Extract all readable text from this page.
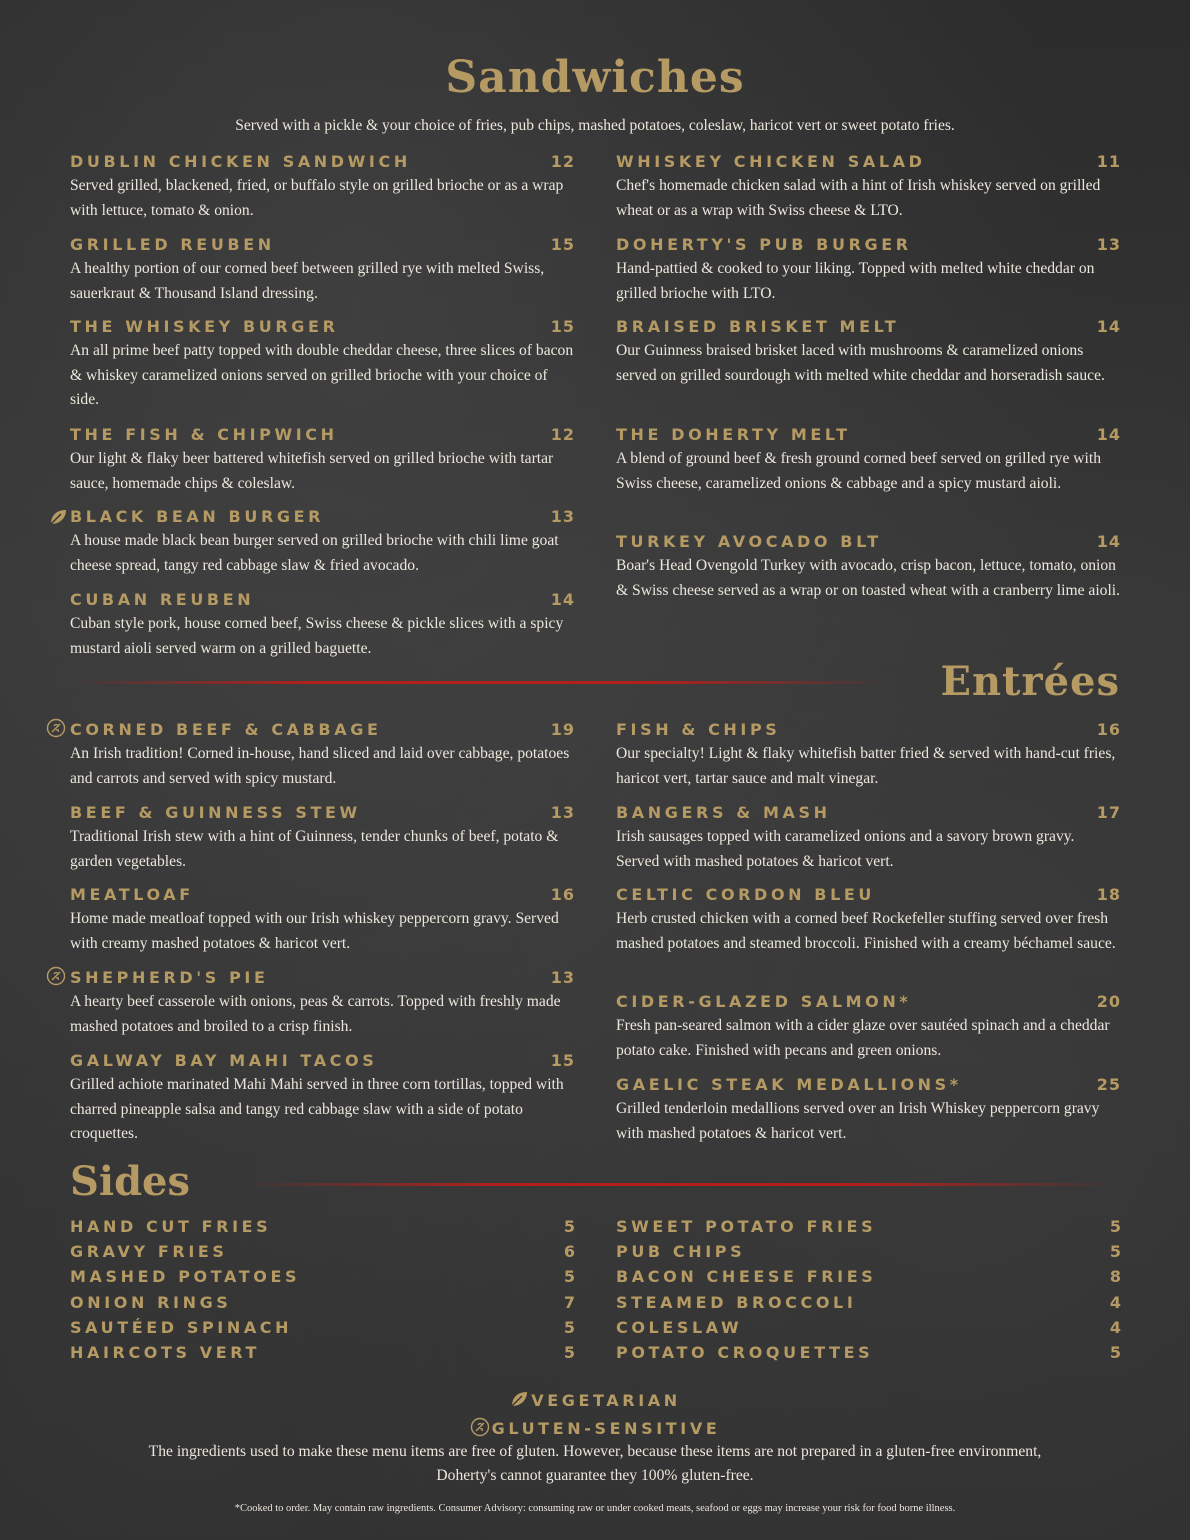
Sandwiches
Served with a pickle & your choice of fries, pub chips, mashed potatoes, coleslaw, haricot vert or sweet potato fries.
DUBLIN CHICKEN SANDWICH	12
Served grilled, blackened, fried, or buffalo style on grilled brioche or as a wrap with lettuce, tomato & onion.
GRILLED REUBEN	15
A healthy portion of our corned beef between grilled rye with melted Swiss, sauerkraut & Thousand Island dressing.
THE WHISKEY BURGER	15
An all prime beef patty topped with double cheddar cheese, three slices of bacon & whiskey caramelized onions served on grilled brioche with your choice of side.
THE FISH & CHIPWICH	12
Our light & flaky beer battered whitefish served on grilled brioche with tartar sauce, homemade chips & coleslaw.
BLACK BEAN BURGER	13
A house made black bean burger served on grilled brioche with chili lime goat cheese spread, tangy red cabbage slaw & fried avocado.
CUBAN REUBEN	14
Cuban style pork, house corned beef, Swiss cheese & pickle slices with a spicy mustard aioli served warm on a grilled baguette.
WHISKEY CHICKEN SALAD	11
Chef's homemade chicken salad with a hint of Irish whiskey served on grilled wheat or as a wrap with Swiss cheese & LTO.
DOHERTY'S PUB BURGER	13
Hand-pattied & cooked to your liking. Topped with melted white cheddar on grilled brioche with LTO.
BRAISED BRISKET MELT	14
Our Guinness braised brisket laced with mushrooms & caramelized onions served on grilled sourdough with melted white cheddar and horseradish sauce.
THE DOHERTY MELT	14
A blend of ground beef & fresh ground corned beef served on grilled rye with Swiss cheese, caramelized onions & cabbage and a spicy mustard aioli.
TURKEY AVOCADO BLT	14
Boar's Head Ovengold Turkey with avocado, crisp bacon, lettuce, tomato, onion & Swiss cheese served as a wrap or on toasted wheat with a cranberry lime aioli.
Entrées
CORNED BEEF & CABBAGE	19
An Irish tradition! Corned in-house, hand sliced and laid over cabbage, potatoes and carrots and served with spicy mustard.
BEEF & GUINNESS STEW	13
Traditional Irish stew with a hint of Guinness, tender chunks of beef, potato & garden vegetables.
MEATLOAF	16
Home made meatloaf topped with our Irish whiskey peppercorn gravy. Served with creamy mashed potatoes & haricot vert.
SHEPHERD'S PIE	13
A hearty beef casserole with onions, peas & carrots. Topped with freshly made mashed potatoes and broiled to a crisp finish.
GALWAY BAY MAHI TACOS	15
Grilled achiote marinated Mahi Mahi served in three corn tortillas, topped with charred pineapple salsa and tangy red cabbage slaw with a side of potato croquettes.
FISH & CHIPS	16
Our specialty! Light & flaky whitefish batter fried & served with hand-cut fries, haricot vert, tartar sauce and malt vinegar.
BANGERS & MASH	17
Irish sausages topped with caramelized onions and a savory brown gravy. Served with mashed potatoes & haricot vert.
CELTIC CORDON BLEU	18
Herb crusted chicken with a corned beef Rockefeller stuffing served over fresh mashed potatoes and steamed broccoli. Finished with a creamy béchamel sauce.
CIDER-GLAZED SALMON*	20
Fresh pan-seared salmon with a cider glaze over sautéed spinach and a cheddar potato cake. Finished with pecans and green onions.
GAELIC STEAK MEDALLIONS*	25
Grilled tenderloin medallions served over an Irish Whiskey peppercorn gravy with mashed potatoes & haricot vert.
Sides
HAND CUT FRIES	5
GRAVY FRIES	6
MASHED POTATOES	5
ONION RINGS	7
SAUTÉED SPINACH	5
HAIRCOTS VERT	5
SWEET POTATO FRIES	5
PUB CHIPS	5
BACON CHEESE FRIES	8
STEAMED BROCCOLI	4
COLESLAW	4
POTATO CROQUETTES	5
VEGETARIAN
GLUTEN-SENSITIVE
The ingredients used to make these menu items are free of gluten. However, because these items are not prepared in a gluten-free environment,
Doherty's cannot guarantee they 100% gluten-free.
*Cooked to order. May contain raw ingredients. Consumer Advisory: consuming raw or under cooked meats, seafood or eggs may increase your risk for food borne illness.
